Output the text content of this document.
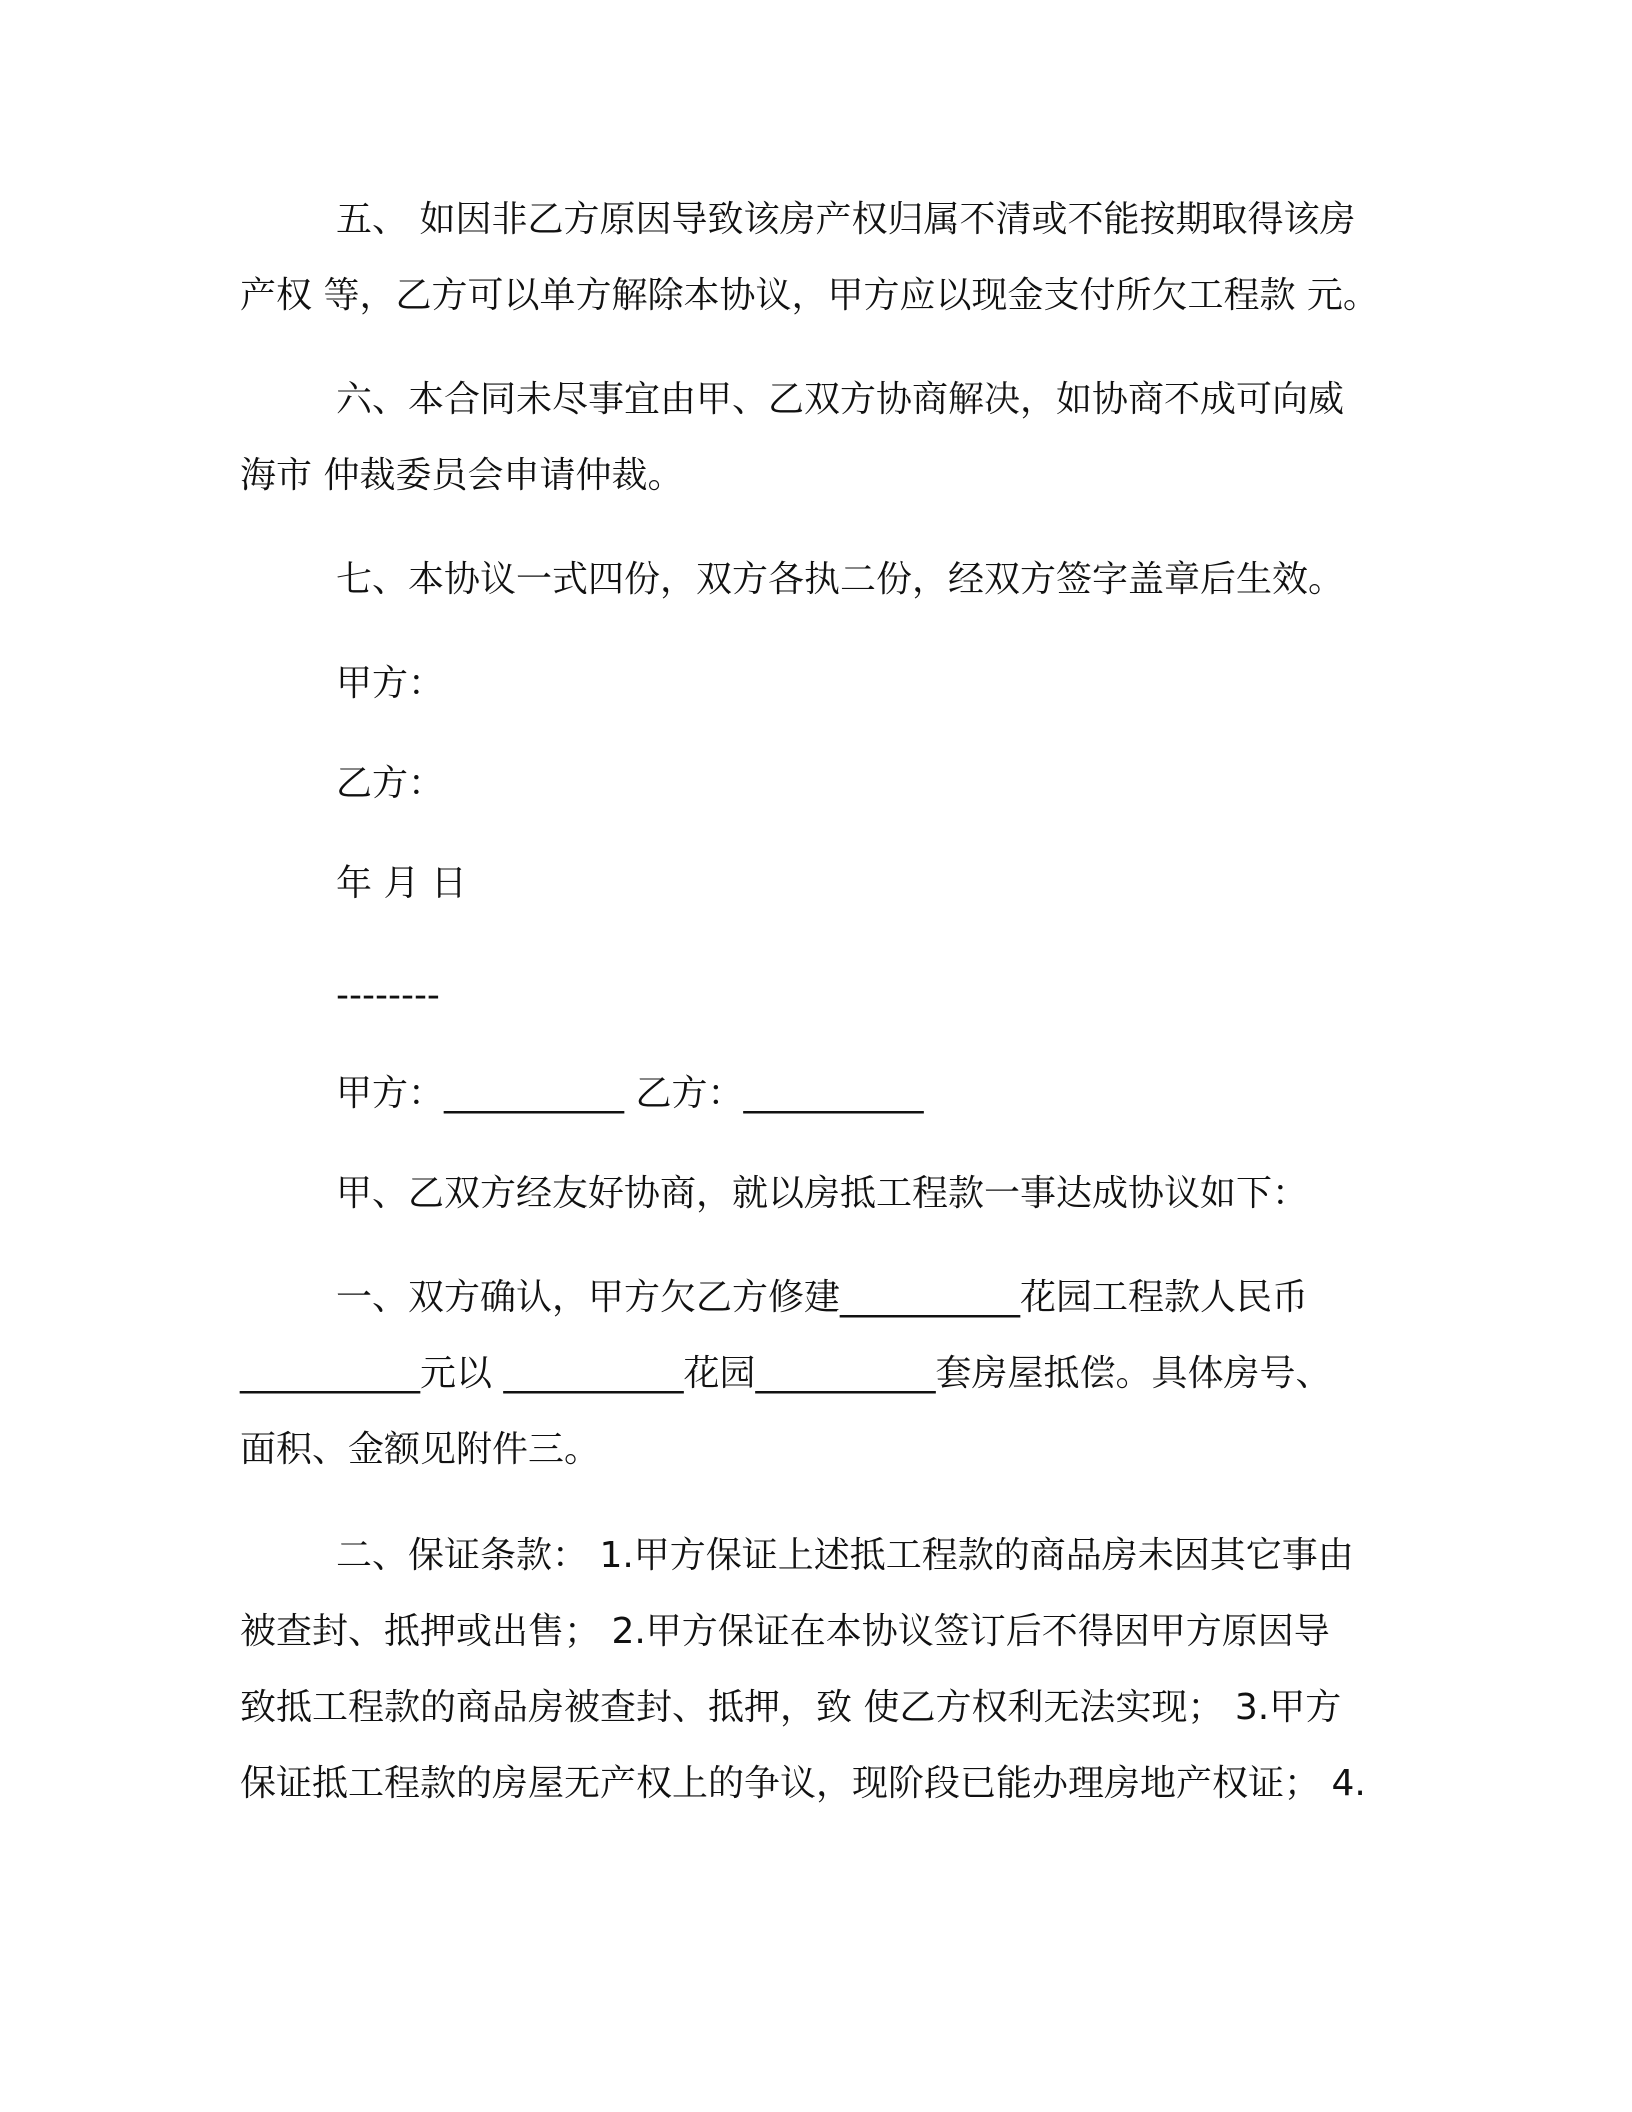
五、 如因非乙方原因导致该房产权归属不清或不能按期取得该房
产权 等，乙方可以单方解除本协议，甲方应以现金支付所欠工程款 元。
六、本合同未尽事宜由甲、乙双方协商解决，如协商不成可向威
海市 仲裁委员会申请仲裁。
七、本协议一式四份，双方各执二份，经双方签字盖章后生效。
甲方：
乙方：
年 月 日
--------
甲方：__________ 乙方：__________
甲、乙双方经友好协商，就以房抵工程款一事达成协议如下：
一、双方确认，甲方欠乙方修建__________花园工程款人民币
__________元以 __________花园__________套房屋抵偿。具体房号、
面积、金额见附件三。
二、保证条款： 1.甲方保证上述抵工程款的商品房未因其它事由
被查封、抵押或出售； 2.甲方保证在本协议签订后不得因甲方原因导
致抵工程款的商品房被查封、抵押，致 使乙方权利无法实现； 3.甲方
保证抵工程款的房屋无产权上的争议，现阶段已能办理房地产权证； 4.
